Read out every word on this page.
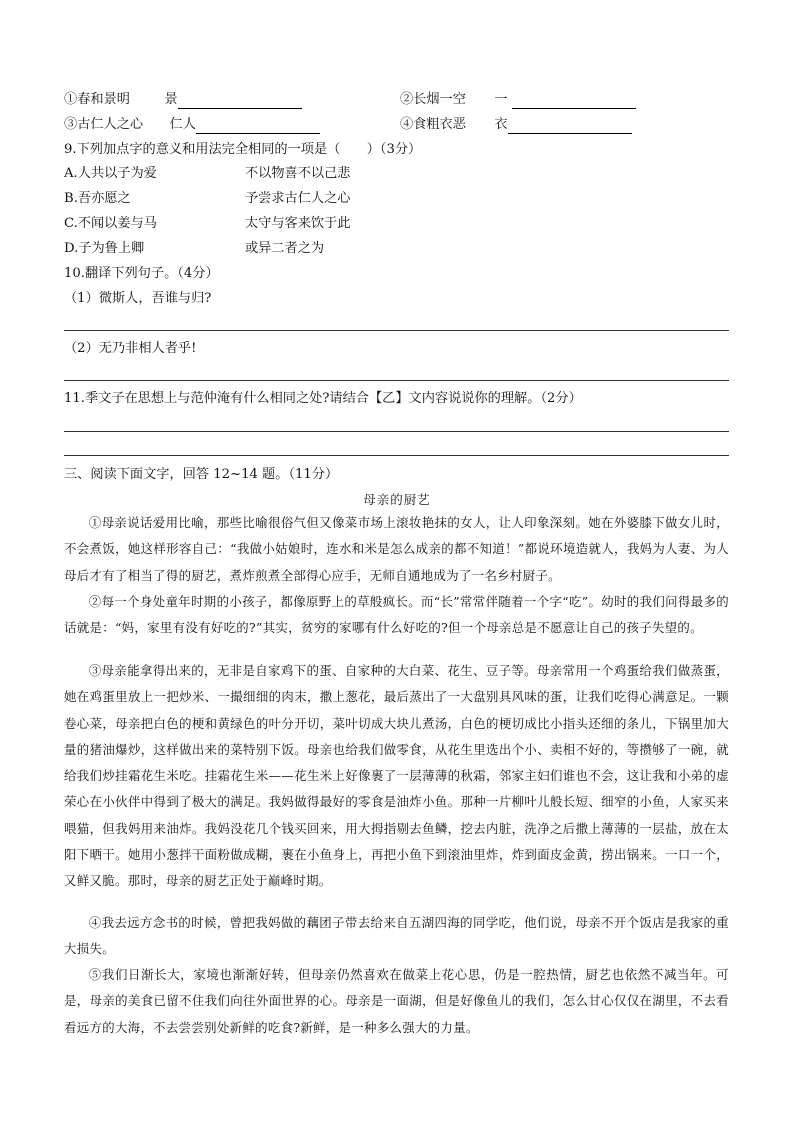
①春和景明	景	②长烟一空 一
③古仁人之心 仁人	④食粗衣恶 衣
9.下列加点字的意义和用法完全相同的一项是（　　）（3分）
A.人共以子为爱	不以物喜不以己悲
B.吾亦愿之	予尝求古仁人之心
C.不闻以姜与马	太守与客来饮于此
D.子为鲁上卿	或异二者之为
10.翻译下列句子。（4分）
（1）微斯人，吾谁与归?
（2）无乃非相人者乎!
11.季文子在思想上与范仲淹有什么相同之处?请结合【乙】文内容说说你的理解。（2分）
三、阅读下面文字，回答 12~14 题。（11分）
母亲的厨艺
①母亲说话爱用比喻，那些比喻很俗气但又像菜市场上滚妆艳抹的女人，让人印象深刻。她在外婆膝下做女儿时，不会煮饭，她这样形容自己：“我做小姑娘时，连水和米是怎么成亲的都不知道！”都说环境造就人，我妈为人妻、为人母后才有了相当了得的厨艺，煮炸煎煮全部得心应手，无师自通地成为了一名乡村厨子。
②每一个身处童年时期的小孩子，都像原野上的草般疯长。而“长”常常伴随着一个字“吃”。幼时的我们问得最多的话就是：“妈，家里有没有好吃的?”其实，贫穷的家哪有什么好吃的?但一个母亲总是不愿意让自己的孩子失望的。
③母亲能拿得出来的，无非是自家鸡下的蛋、自家种的大白菜、花生、豆子等。母亲常用一个鸡蛋给我们做蒸蛋，她在鸡蛋里放上一把炒米、一撮细细的肉末，撒上葱花，最后蒸出了一大盘别具风味的蛋，让我们吃得心满意足。一颗卷心菜，母亲把白色的梗和黄绿色的叶分开切，菜叶切成大块儿煮汤，白色的梗切成比小指头还细的条儿，下锅里加大量的猪油爆炒，这样做出来的菜特别下饭。母亲也给我们做零食，从花生里选出个小、卖相不好的，等攒够了一碗，就给我们炒挂霜花生米吃。挂霜花生米——花生米上好像裹了一层薄薄的秋霜，邻家主妇们谁也不会，这让我和小弟的虚荣心在小伙伴中得到了极大的满足。我妈做得最好的零食是油炸小鱼。那种一片柳叶儿般长短、细窄的小鱼，人家买来喂猫，但我妈用来油炸。我妈没花几个钱买回来，用大拇指剔去鱼鳞，挖去内脏，洗净之后撒上薄薄的一层盐，放在太阳下晒干。她用小葱拌干面粉做成糊，裹在小鱼身上，再把小鱼下到滚油里炸，炸到面皮金黄，捞出锅来。一口一个，又鲜又脆。那时，母亲的厨艺正处于巅峰时期。
④我去远方念书的时候，曾把我妈做的藕团子带去给来自五湖四海的同学吃，他们说，母亲不开个饭店是我家的重大损失。
⑤我们日渐长大，家境也渐渐好转，但母亲仍然喜欢在做菜上花心思，仍是一腔热情，厨艺也依然不减当年。可是，母亲的美食已留不住我们向往外面世界的心。母亲是一面湖，但是好像鱼儿的我们，怎么甘心仅仅在湖里，不去看看远方的大海，不去尝尝别处新鲜的吃食?新鲜，是一种多么强大的力量。
